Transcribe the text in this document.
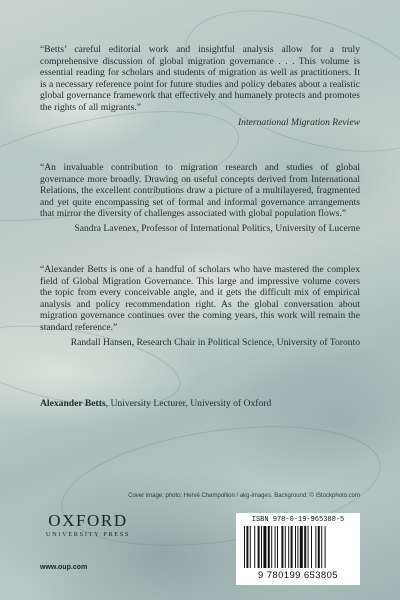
“Betts’ careful editorial work and insightful analysis allow for a truly comprehensive discussion of global migration governance . . . This volume is essential reading for scholars and students of migration as well as practitioners. It is a necessary reference point for future studies and policy debates about a realistic global governance framework that effectively and humanely protects and promotes the rights of all migrants.”

International Migration Review

“An invaluable contribution to migration research and studies of global governance more broadly. Drawing on useful concepts derived from International Relations, the excellent contributions draw a picture of a multilayered, fragmented and yet quite encompassing set of formal and informal governance arrangements that mirror the diversity of challenges associated with global population flows.”

Sandra Lavenex, Professor of International Politics, University of Lucerne

“Alexander Betts is one of a handful of scholars who have mastered the complex field of Global Migration Governance. This large and impressive volume covers the topic from every conceivable angle, and it gets the difficult mix of empirical analysis and policy recommendation right. As the global conversation about migration governance continues over the coming years, this work will remain the standard reference.”

Randall Hansen, Research Chair in Political Science, University of Toronto

Alexander Betts, University Lecturer, University of Oxford
Cover image: photo: Hervé Champollion / akg-images. Background: © iStockphoto.com
OXFORD
UNIVERSITY PRESS
www.oup.com
ISBN 978-0-19-965380-5
9 780199 653805
